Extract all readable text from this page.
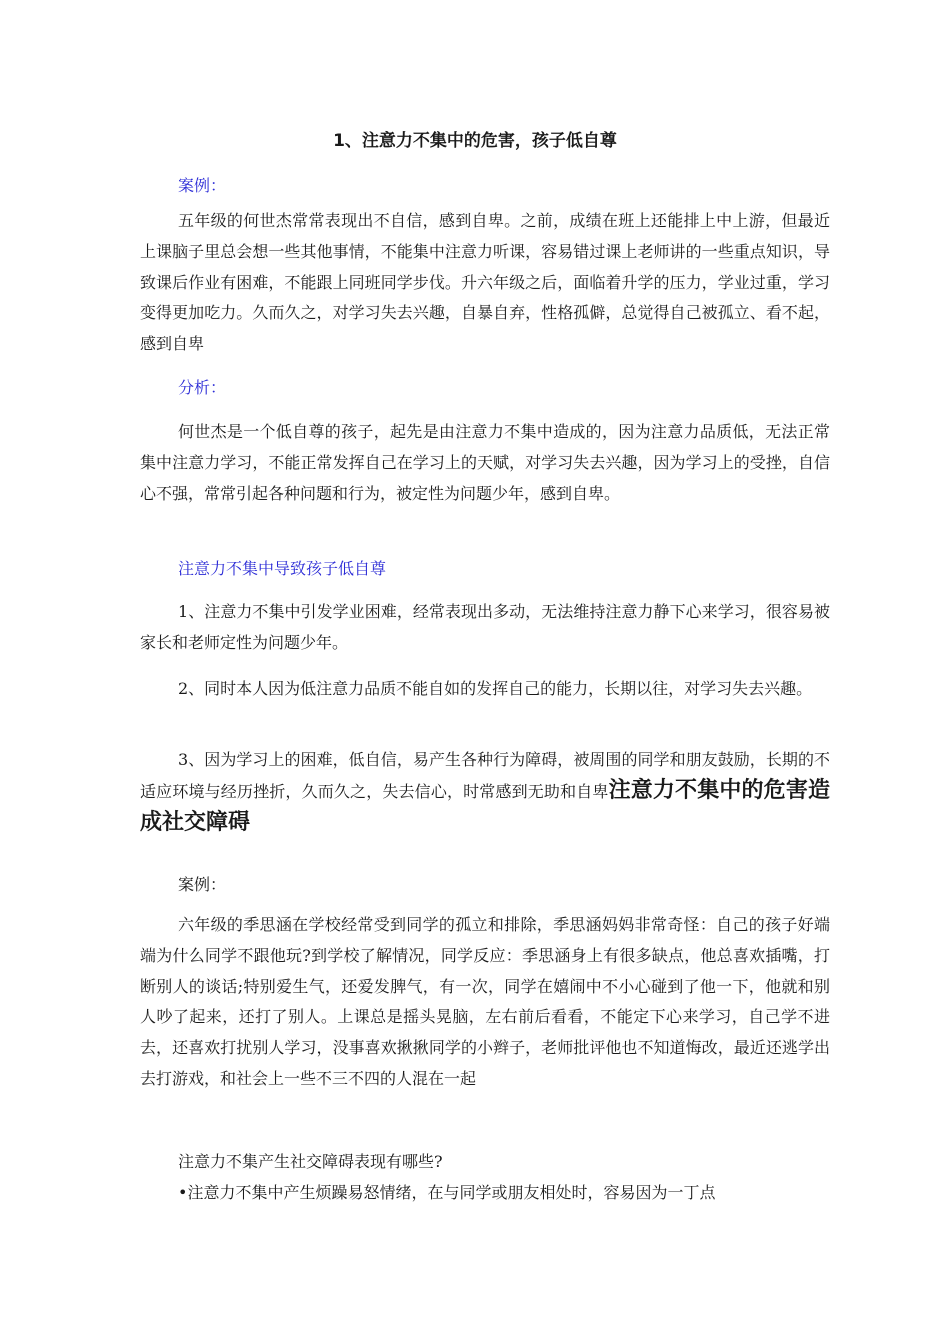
1、注意力不集中的危害，孩子低自尊
案例：

五年级的何世杰常常表现出不自信，感到自卑。之前，成绩在班上还能排上中上游，但最近上课脑子里总会想一些其他事情，不能集中注意力听课，容易错过课上老师讲的一些重点知识，导致课后作业有困难，不能跟上同班同学步伐。升六年级之后，面临着升学的压力，学业过重，学习变得更加吃力。久而久之，对学习失去兴趣，自暴自弃，性格孤僻，总觉得自己被孤立、看不起，感到自卑

分析：

何世杰是一个低自尊的孩子，起先是由注意力不集中造成的，因为注意力品质低，无法正常集中注意力学习，不能正常发挥自己在学习上的天赋，对学习失去兴趣，因为学习上的受挫，自信心不强，常常引起各种问题和行为，被定性为问题少年，感到自卑。

注意力不集中导致孩子低自尊

1、注意力不集中引发学业困难，经常表现出多动，无法维持注意力静下心来学习，很容易被家长和老师定性为问题少年。

2、同时本人因为低注意力品质不能自如的发挥自己的能力，长期以往，对学习失去兴趣。

3、因为学习上的困难，低自信，易产生各种行为障碍，被周围的同学和朋友鼓励，长期的不适应环境与经历挫折，久而久之，失去信心，时常感到无助和自卑注意力不集中的危害造成社交障碍

案例：

六年级的季思涵在学校经常受到同学的孤立和排除，季思涵妈妈非常奇怪：自己的孩子好端端为什么同学不跟他玩?到学校了解情况，同学反应：季思涵身上有很多缺点，他总喜欢插嘴，打断别人的谈话;特别爱生气，还爱发脾气，有一次，同学在嬉闹中不小心碰到了他一下，他就和别人吵了起来，还打了别人。上课总是摇头晃脑，左右前后看看，不能定下心来学习，自己学不进去，还喜欢打扰别人学习，没事喜欢揪揪同学的小辫子，老师批评他也不知道悔改，最近还逃学出去打游戏，和社会上一些不三不四的人混在一起

注意力不集产生社交障碍表现有哪些?
•注意力不集中产生烦躁易怒情绪，在与同学或朋友相处时，容易因为一丁点
